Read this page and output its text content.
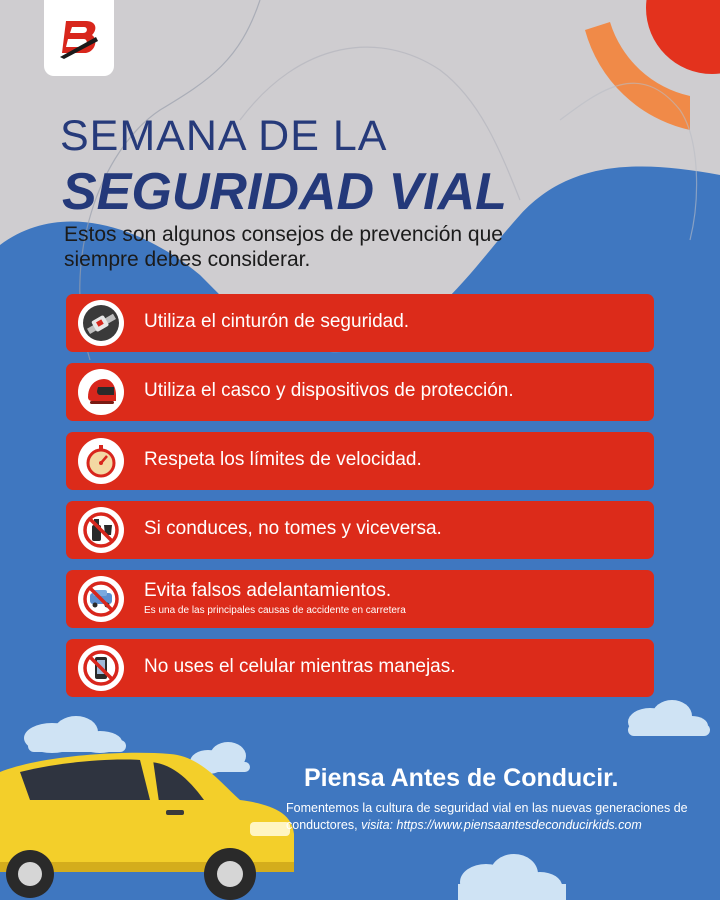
SEMANA DE LA
SEGURIDAD VIAL
Estos son algunos consejos de prevención que siempre debes considerar.
Utiliza el cinturón de seguridad.
Utiliza el casco y dispositivos de protección.
Respeta los límites de velocidad.
Si conduces, no tomes y viceversa.
Evita falsos adelantamientos.
Es una de las principales causas de accidente en carretera
No uses el celular mientras manejas.
Piensa Antes de Conducir.
Fomentemos la cultura de seguridad vial en las nuevas generaciones de conductores, visita: https://www.piensaantesdeconducirkids.com
